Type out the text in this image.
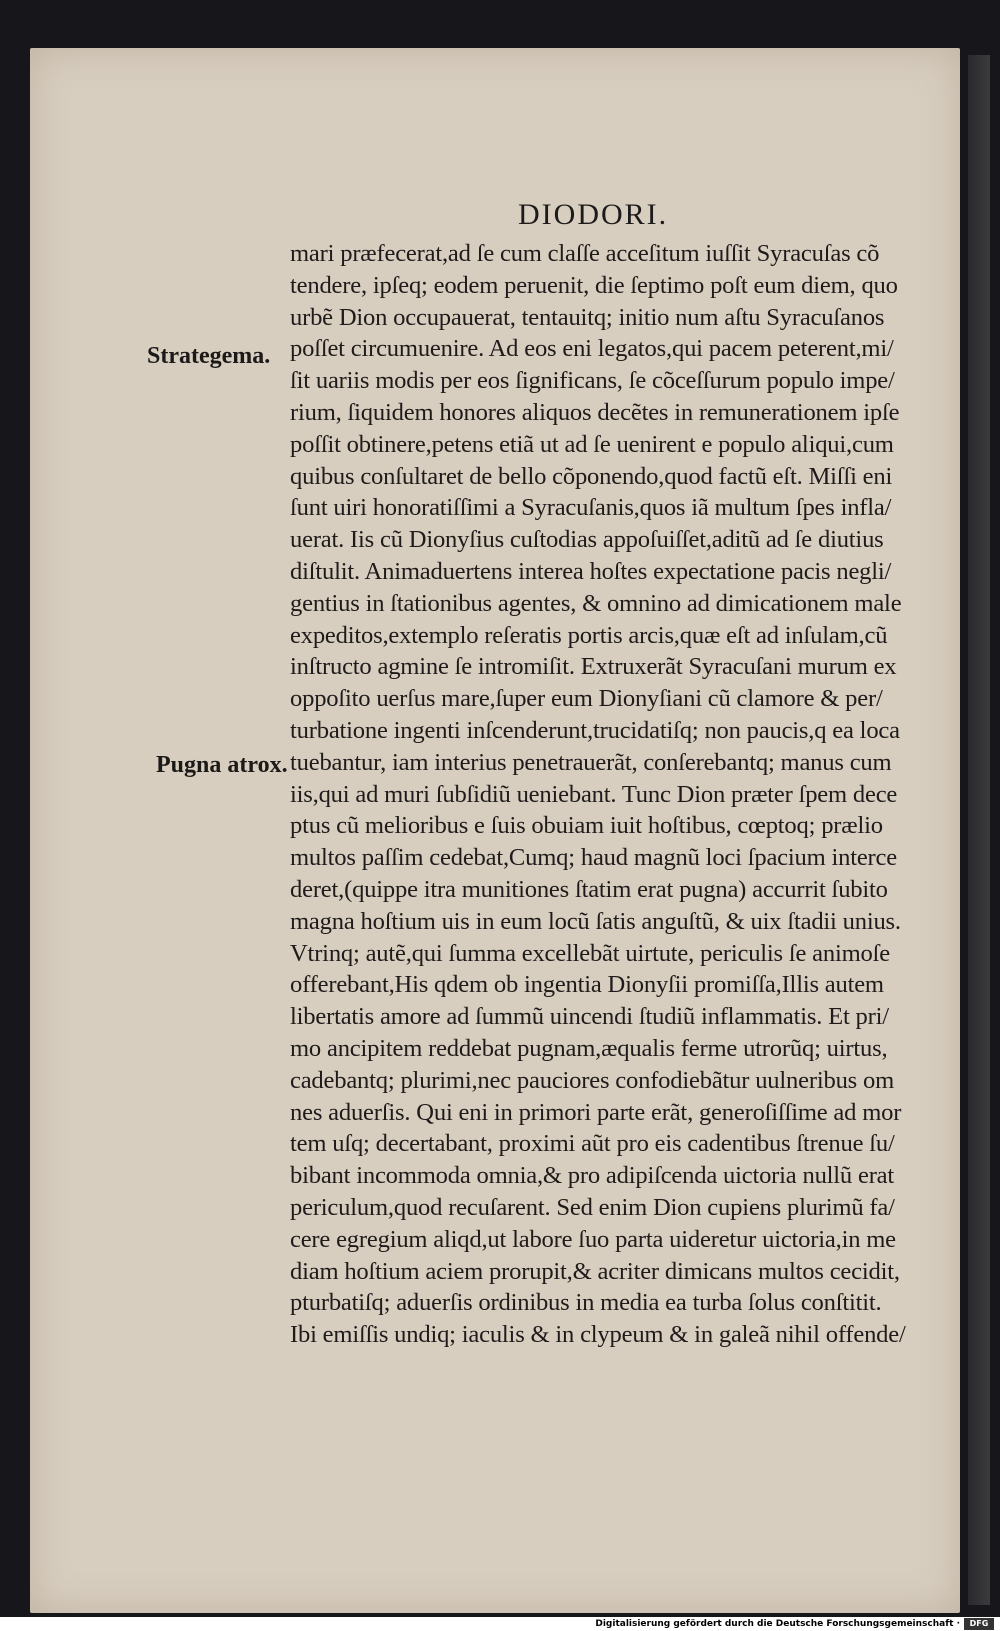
DIODORI.
Strategema.
Pugna atrox.
mari præfecerat,ad ſe cum claſſe acceſitum iuſſit Syracuſas cõ
tendere, ipſeq; eodem peruenit, die ſeptimo poſt eum diem, quo
urbẽ Dion occupauerat, tentauitq; initio num aſtu Syracuſanos
poſſet circumuenire. Ad eos eni legatos,qui pacem peterent,mi/
ſit uariis modis per eos ſignificans, ſe cõceſſurum populo impe/
rium, ſiquidem honores aliquos decẽtes in remunerationem ipſe
poſſit obtinere,petens etiã ut ad ſe uenirent e populo aliqui,cum
quibus conſultaret de bello cõponendo,quod factũ eſt. Miſſi eni
ſunt uiri honoratiſſimi a Syracuſanis,quos iã multum ſpes infla/
uerat. Iis cũ Dionyſius cuſtodias appoſuiſſet,aditũ ad ſe diutius
diſtulit. Animaduertens interea hoſtes expectatione pacis negli/
gentius in ſtationibus agentes, & omnino ad dimicationem male
expeditos,extemplo reſeratis portis arcis,quæ eſt ad inſulam,cũ
inſtructo agmine ſe intromiſit. Extruxerãt Syracuſani murum ex
oppoſito uerſus mare,ſuper eum Dionyſiani cũ clamore & per/
turbatione ingenti inſcenderunt,trucidatiſq; non paucis,q ea loca
tuebantur, iam interius penetrauerãt, conſerebantq; manus cum
iis,qui ad muri ſubſidiũ ueniebant. Tunc Dion præter ſpem dece
ptus cũ melioribus e ſuis obuiam iuit hoſtibus, cœptoq; prælio
multos paſſim cedebat,Cumq; haud magnũ loci ſpacium interce
deret,(quippe itra munitiones ſtatim erat pugna) accurrit ſubito
magna hoſtium uis in eum locũ ſatis anguſtũ, & uix ſtadii unius.
Vtrinq; autẽ,qui ſumma excellebãt uirtute, periculis ſe animoſe
offerebant,His qdem ob ingentia Dionyſii promiſſa,Illis autem
libertatis amore ad ſummũ uincendi ſtudiũ inflammatis. Et pri/
mo ancipitem reddebat pugnam,æqualis ferme utrorũq; uirtus,
cadebantq; plurimi,nec pauciores confodiebãtur uulneribus om
nes aduerſis. Qui eni in primori parte erãt, generoſiſſime ad mor
tem uſq; decertabant, proximi aũt pro eis cadentibus ſtrenue ſu/
bibant incommoda omnia,& pro adipiſcenda uictoria nullũ erat
periculum,quod recuſarent. Sed enim Dion cupiens plurimũ fa/
cere egregium aliqd,ut labore ſuo parta uideretur uictoria,in me
diam hoſtium aciem prorupit,& acriter dimicans multos cecidit,
pturbatiſq; aduerſis ordinibus in media ea turba ſolus conſtitit.
Ibi emiſſis undiq; iaculis & in clypeum & in galeã nihil offende/
Digitalisierung gefördert durch die Deutsche Forschungsgemeinschaft ·	DFG
